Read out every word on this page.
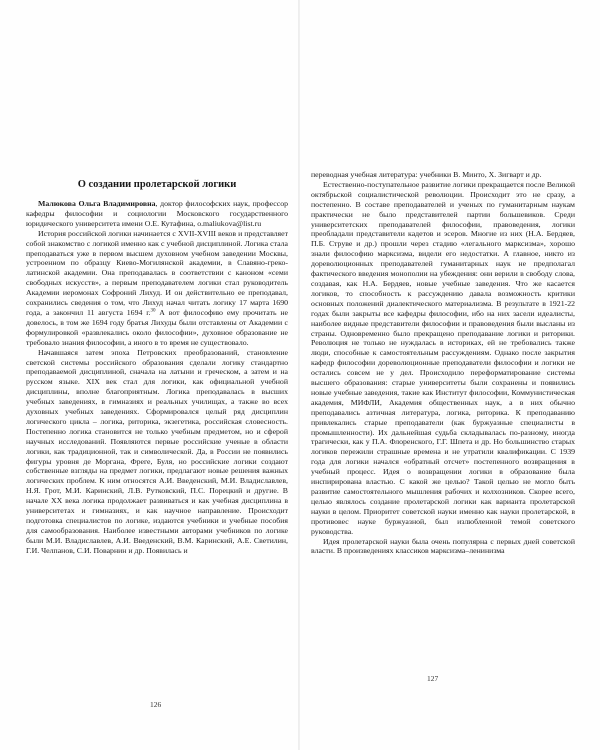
О создании пролетарской логики

Малюкова Ольга Владимировна, доктор философских наук, профессор кафедры философии и социологии Московского государственного юридического университета имени О.Е. Кутафина, o.maliukova@list.ru

История российской логики начинается с XVII-XVIII веков и представляет собой знакомство с логикой именно как с учебной дисциплиной. Логика стала преподаваться уже в первом высшем духовном учебном заведении Москвы, устроенном по образцу Киево-Могилянской академии, в Славяно-греко-латинской академии. Она преподавалась в соответствии с каноном «семи свободных искусств», а первым преподавателем логики стал руководитель Академии иеромонах Софроний Лихуд. И он действительно ее преподавал, сохранились сведения о том, что Лихуд начал читать логику 17 марта 1690 года, а закончил 11 августа 1694 г.$^{30}$ А вот философию ему прочитать не довелось, в том же 1694 году братья Лихуды были отставлены от Академии с формулировкой «развлекались около философии», духовное образование не требовало знания философии, а иного в то время не существовало.

Начавшаяся затем эпоха Петровских преобразований, становление светской системы российского образования сделали логику стандартно преподаваемой дисциплиной, сначала на латыни и греческом, а затем и на русском языке. XIX век стал для логики, как официальной учебной дисциплины, вполне благоприятным. Логика преподавалась в высших учебных заведениях, в гимназиях и реальных училищах, а также во всех духовных учебных заведениях. Сформировался целый ряд дисциплин логического цикла – логика, риторика, экзегетика, российская словесность. Постепенно логика становится не только учебным предметом, но и сферой научных исследований. Появляются первые российские ученые в области логики, как традиционной, так и символической. Да, в России не появились фигуры уровня де Моргана, Фреге, Буля, но российские логики создают собственные взгляды на предмет логики, предлагают новые решения важных логических проблем. К ним относятся А.И. Введенский, М.И. Владиславлев, Н.Я. Грот, М.И. Каринский, Л.В. Рутковский, П.С. Порецкий и другие. В начале XX века логика продолжает развиваться и как учебная дисциплина в университетах и гимназиях, и как научное направление. Происходит подготовка специалистов по логике, издаются учебники и учебные пособия для самообразования. Наиболее известными авторами учебников по логике были М.И. Владиславлев, А.И. Введенский, В.М. Каринский, А.Е. Светилин, Г.И. Челпанов, С.И. Поварнин и др. Появилась и

126

переводная учебная литература: учебники В. Минто, Х. Зигварт и др.

Естественно-поступательное развитие логики прекращается после Великой октябрьской социалистической революции. Происходит это не сразу, а постепенно. В составе преподавателей и ученых по гуманитарным наукам практически не было представителей партии большевиков. Среди университетских преподавателей философии, правоведения, логики преобладали представители кадетов и эсеров. Многие из них (Н.А. Бердяев, П.Б. Струве и др.) прошли через стадию «легального марксизма», хорошо знали философию марксизма, видели его недостатки. А главное, никто из дореволюционных преподавателей гуманитарных наук не предполагал фактического введения монополии на убеждения: они верили в свободу слова, создавая, как Н.А. Бердяев, новые учебные заведения. Что же касается логиков, то способность к рассуждению давала возможность критики основных положений диалектического материализма. В результате в 1921-22 годах были закрыты все кафедры философии, ибо на них засели идеалисты, наиболее видные представители философии и правоведения были высланы из страны. Одновременно было прекращено преподавание логики и риторики. Революция не только не нуждалась в историках, ей не требовались также люди, способные к самостоятельным рассуждениям. Однако после закрытия кафедр философии дореволюционные преподаватели философии и логики не остались совсем не у дел. Происходило переформатирование системы высшего образования: старые университеты были сохранены и появились новые учебные заведения, такие как Институт философии, Коммунистическая академия, МИФЛИ, Академия общественных наук, а в них обычно преподавались азтичная литература, логика, риторика. К преподаванию привлекались старые преподаватели (как буржуазные специалисты в промышленности). Их дальнейшая судьба складывалась по-разному, иногда трагически, как у П.А. Флоренского, Г.Г. Шпета и др. Но большинство старых логиков пережили страшные времена и не утратили квалификации. С 1939 года для логики начался «обратный отсчет» постепенного возвращения в учебный процесс. Идея о возвращении логики в образование была инспирирована властью. С какой же целью? Такой целью не могло быть развитие самостоятельного мышления рабочих и колхозников. Скорее всего, целью являлось создание пролетарской логики как варианта пролетарской науки в целом. Приоритет советской науки именно как науки пролетарской, в противовес науке буржуазной, был излюбленной темой советского руководства.

Идея пролетарской науки была очень популярна с первых дней советской власти. В произведениях классиков марксизма–ленинизма

127
